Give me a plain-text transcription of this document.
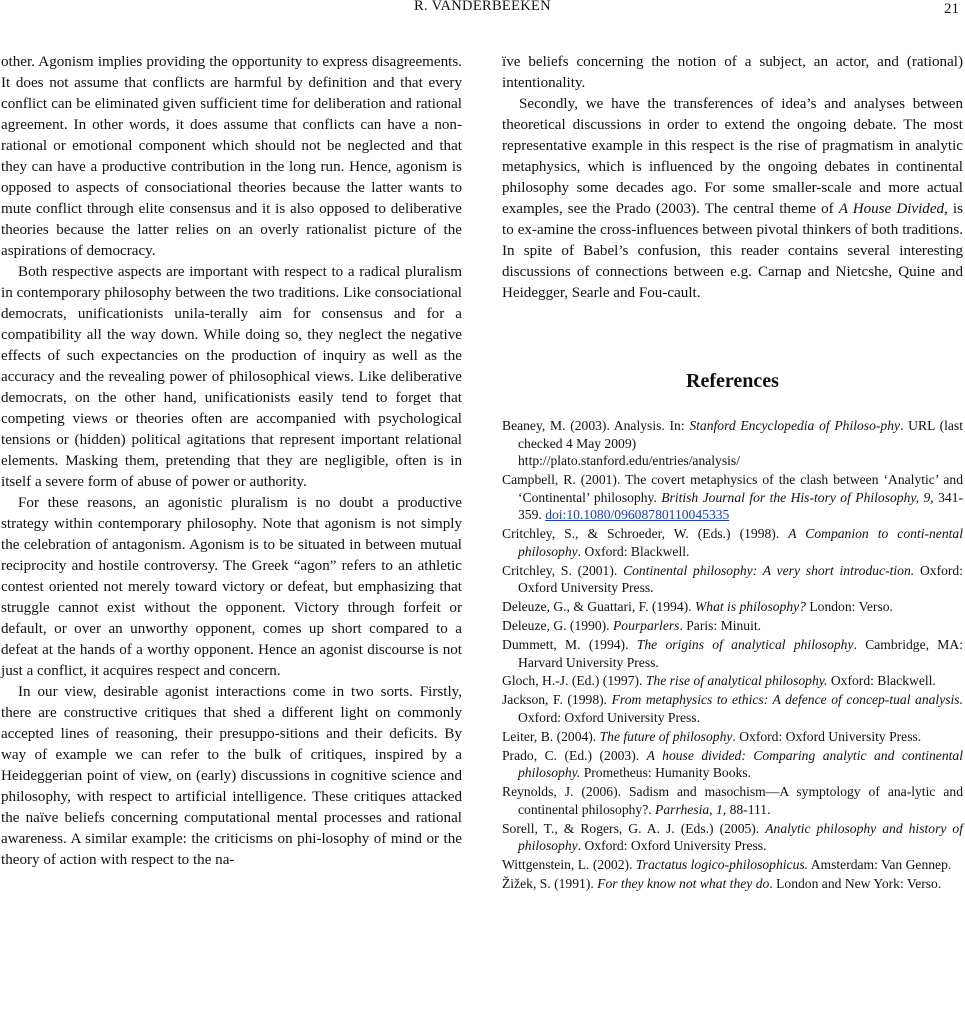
R. VANDERBEEKEN	21

other. Agonism implies providing the opportunity to express disagreements. It does not assume that conflicts are harmful by definition and that every conflict can be eliminated given sufficient time for deliberation and rational agreement. In other words, it does assume that conflicts can have a non-rational or emotional component which should not be neglected and that they can have a productive contribution in the long run. Hence, agonism is opposed to aspects of consociational theories because the latter wants to mute conflict through elite consensus and it is also opposed to deliberative theories because the latter relies on an overly rationalist picture of the aspirations of democracy.

Both respective aspects are important with respect to a radical pluralism in contemporary philosophy between the two traditions. Like consociational democrats, unificationists unila-terally aim for consensus and for a compatibility all the way down. While doing so, they neglect the negative effects of such expectancies on the production of inquiry as well as the accuracy and the revealing power of philosophical views. Like deliberative democrats, on the other hand, unificationists easily tend to forget that competing views or theories often are accompanied with psychological tensions or (hidden) political agitations that represent important relational elements. Masking them, pretending that they are negligible, often is in itself a severe form of abuse of power or authority.

For these reasons, an agonistic pluralism is no doubt a productive strategy within contemporary philosophy. Note that agonism is not simply the celebration of antagonism. Agonism is to be situated in between mutual reciprocity and hostile controversy. The Greek “agon” refers to an athletic contest oriented not merely toward victory or defeat, but emphasizing that struggle cannot exist without the opponent. Victory through forfeit or default, or over an unworthy opponent, comes up short compared to a defeat at the hands of a worthy opponent. Hence an agonist discourse is not just a conflict, it acquires respect and concern.

In our view, desirable agonist interactions come in two sorts. Firstly, there are constructive critiques that shed a different light on commonly accepted lines of reasoning, their presuppo-sitions and their deficits. By way of example we can refer to the bulk of critiques, inspired by a Heideggerian point of view, on (early) discussions in cognitive science and philosophy, with respect to artificial intelligence. These critiques attacked the naïve beliefs concerning computational mental processes and rational awareness. A similar example: the criticisms on phi-losophy of mind or the theory of action with respect to the na-

ïve beliefs concerning the notion of a subject, an actor, and (rational) intentionality.

Secondly, we have the transferences of idea’s and analyses between theoretical discussions in order to extend the ongoing debate. The most representative example in this respect is the rise of pragmatism in analytic metaphysics, which is influenced by the ongoing debates in continental philosophy some decades ago. For some smaller-scale and more actual examples, see the Prado (2003). The central theme of A House Divided, is to ex-amine the cross-influences between pivotal thinkers of both traditions. In spite of Babel’s confusion, this reader contains several interesting discussions of connections between e.g. Carnap and Nietcshe, Quine and Heidegger, Searle and Fou-cault.

References

Beaney, M. (2003). Analysis. In: Stanford Encyclopedia of Philoso-phy. URL (last checked 4 May 2009)
http://plato.stanford.edu/entries/analysis/

Campbell, R. (2001). The covert metaphysics of the clash between ‘Analytic’ and ‘Continental’ philosophy. British Journal for the His-tory of Philosophy, 9, 341-359. doi:10.1080/09608780110045335

Critchley, S., & Schroeder, W. (Eds.) (1998). A Companion to conti-nental philosophy. Oxford: Blackwell.

Critchley, S. (2001). Continental philosophy: A very short introduc-tion. Oxford: Oxford University Press.

Deleuze, G., & Guattari, F. (1994). What is philosophy? London: Verso.

Deleuze, G. (1990). Pourparlers. Paris: Minuit.

Dummett, M. (1994). The origins of analytical philosophy. Cambridge, MA: Harvard University Press.

Gloch, H.-J. (Ed.) (1997). The rise of analytical philosophy. Oxford: Blackwell.

Jackson, F. (1998). From metaphysics to ethics: A defence of concep-tual analysis. Oxford: Oxford University Press.

Leiter, B. (2004). The future of philosophy. Oxford: Oxford University Press.

Prado, C. (Ed.) (2003). A house divided: Comparing analytic and continental philosophy. Prometheus: Humanity Books.

Reynolds, J. (2006). Sadism and masochism—A symptology of ana-lytic and continental philosophy?. Parrhesia, 1, 88-111.

Sorell, T., & Rogers, G. A. J. (Eds.) (2005). Analytic philosophy and history of philosophy. Oxford: Oxford University Press.

Wittgenstein, L. (2002). Tractatus logico-philosophicus. Amsterdam: Van Gennep.

Žižek, S. (1991). For they know not what they do. London and New York: Verso.
